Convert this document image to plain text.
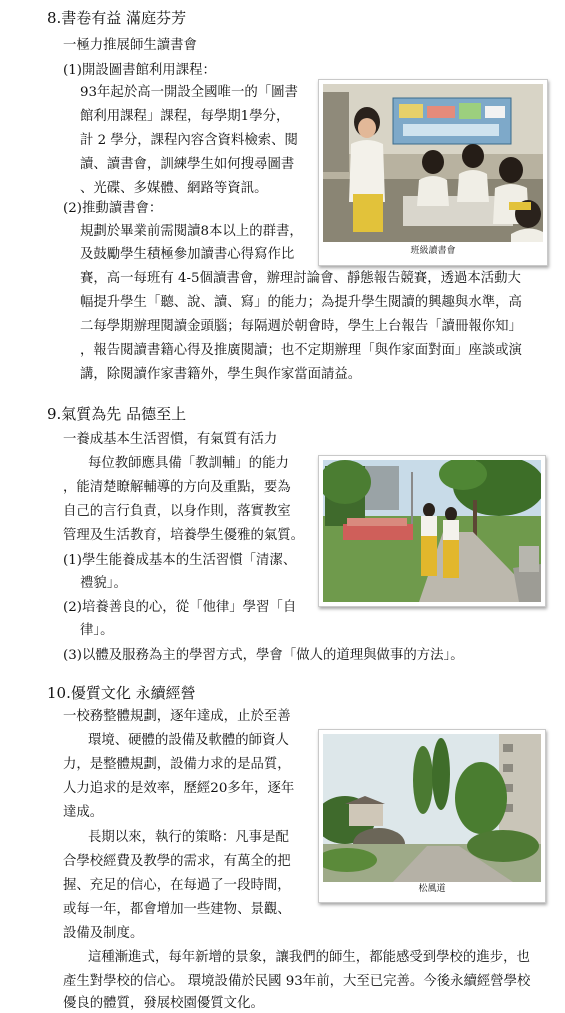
8.書卷有益 滿庭芬芳
一極力推展師生讀書會
(1)開設圖書館利用課程：
93年起於高一開設全國唯一的「圖書
館利用課程」課程，每學期1學分，
計 2 學分，課程內容含資料檢索、閱
讀、讀書會，訓練學生如何搜尋圖書
、光碟、多媒體、網路等資訊。
(2)推動讀書會：
規劃於畢業前需閱讀8本以上的群書，
及鼓勵學生積極參加讀書心得寫作比
賽，高一每班有 4-5個讀書會，辦理討論會、靜態報告競賽，透過本活動大
幅提升學生「聽、說、讀、寫」的能力；為提升學生閱讀的興趣與水準，高
二每學期辦理閱讀金頭腦；每隔週於朝會時，學生上台報告「讀冊報你知」
，報告閱讀書籍心得及推廣閱讀；也不定期辦理「與作家面對面」座談或演
講，除閱讀作家書籍外，學生與作家當面請益。
班級讀書會
9.氣質為先 品德至上
一養成基本生活習慣，有氣質有活力
每位教師應具備「教訓輔」的能力
，能清楚瞭解輔導的方向及重點，要為
自己的言行負責，以身作則，落實教室
管理及生活教育，培養學生優雅的氣質。
(1)學生能養成基本的生活習慣「清潔、
禮貌」。
(2)培養善良的心，從「他律」學習「自
律」。
(3)以體及服務為主的學習方式，學會「做人的道理與做事的方法」。
10.優質文化 永續經營
一校務整體規劃，逐年達成，止於至善
環境、硬體的設備及軟體的師資人
力，是整體規劃，設備力求的是品質，
人力追求的是效率，歷經20多年，逐年
達成。
長期以來，執行的策略：凡事是配
合學校經費及教學的需求，有萬全的把
握、充足的信心，在每過了一段時間，
或每一年，都會增加一些建物、景觀、
設備及制度。
這種漸進式，每年新增的景象，讓我們的師生，都能感受到學校的進步，也
產生對學校的信心。 環境設備於民國 93年前，大至已完善。今後永續經營學校
優良的體質，發展校園優質文化。
松風道
